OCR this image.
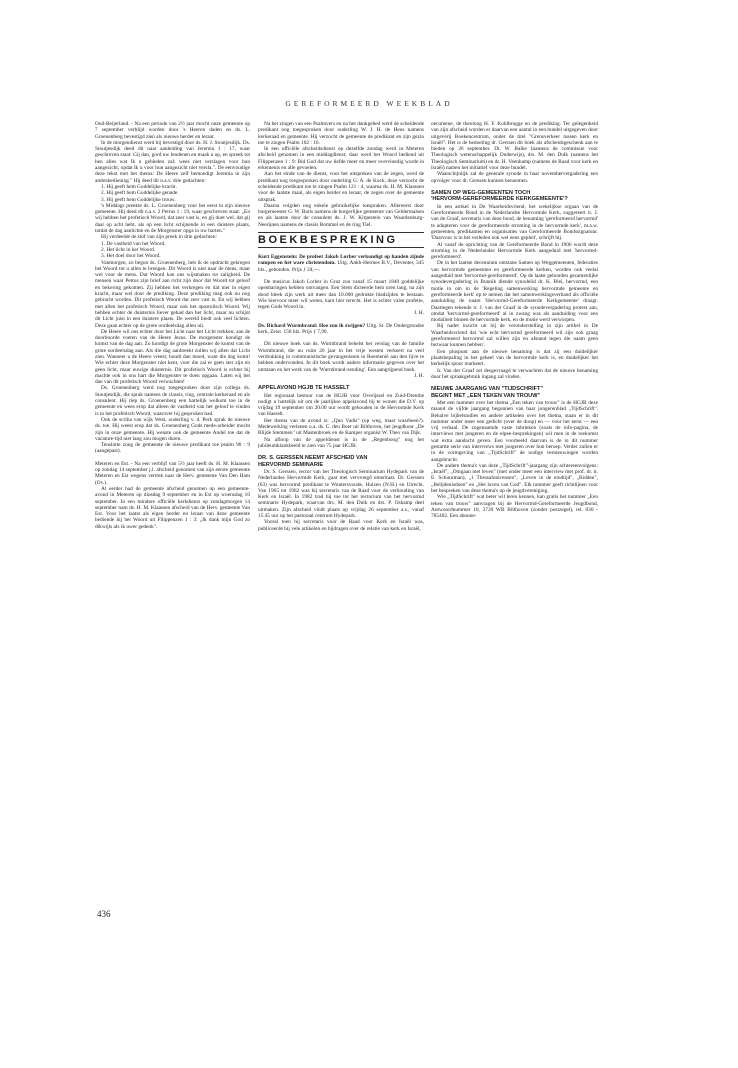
GEREFORMEERD WEEKBLAD

Oud-Beijerland. - Na een periode van 2½ jaar mocht onze gemeente op 7 september verblijd worden door 's Heeren daden en ds. L. Groenenberg bevestigd zien als nieuwe herder en leraar.

In de morgendienst werd hij bevestigd door ds. H. J. Stoutjesdijk. Ds. Stoutjesdijk deed dit naar aanleiding van Jeremia 1 : 17, waar geschreven staat: Gij dan, gord uw lendenen en maak u op, en spreek tot hen alles wat Ik u gebieden zal; wees niet verslagen voor hun aangezicht, opdat Ik u voor hun aangezicht niet versla.". De eenvoudige deze tekst met het thema: De Heere zelf bemoedigt Jeremia in zijn ambtsbediening." Hij deed dit n.a.v. drie gedachten:

1. Hij geeft hem Goddelijke kracht.
2. Hij geeft hem Goddelijke genade.
3. Hij geeft hem Goddelijke trouw.

's Middags preekte ds. L. Groenenberg voor het eerst in zijn nieuwe gemeente. Hij deed dit n.a.v. 2 Petrus 1 : 19, waar geschreven staat: „En wij hebben het profetisch Woord, dat zeer vast is, en gij doet wel, dat gij daar op acht hebt, als op een licht schijnende in een duistere plaats, totdat de dag aanlichte en de Morgenster opga in uw harten."

Hij verdeelde de stof van zijn preek in drie gedachten:

1. De vastheid van het Woord.
2. Het licht in het Woord.
3. Het doel door het Woord.

Vanmorgen, zo begon ds. Groenenberg, heb ik de opdracht gekregen het Woord tot u allen te brengen. Dit Woord is niet naar de mens, maar wel voor de mens. Dat Woord kan ons wijsmaken tot zaligheid. De mensen waar Petrus zijn brief aan richt zijn door dat Woord tot geloof en bekering gekomen. Zij hebben het verkregen en dat niet in eigen kracht, maar wel door de prediking. Deze prediking mag ook nu nog gebracht worden. Dit profetisch Woord dat zeer vast is. En wij hebben met allen het profetisch Woord, maar ook het apostolisch Woord. Wij hebben echter de duisternis liever gehad dan het licht, maar nu schijnt dit Licht juist in een duistere plaats. De wereld biedt ook veel lichten. Deze gaan echter op de grote oordeelsdag allen uit.

De Heere wil ons echter door het Licht naar het Licht trekken; aan de doorboorde voeten van de Heere Jezus. De morgenster kondigt de komst van de dag aan. Zo kondigt de grote Morgenster de komst van de grote oordeelsdag aan. Als die dag aanbreekt zullen wij allen dat Licht zien. Wanneer u de Heere vreest, houdt dan moed, want die dag komt! Wie echter deze Morgenster niet kent, voor die zal er geen ster zijn en geen licht, maar euwige duisternis. Dit profetisch Woord is echter bij machte ook in ons hart die Morgenster te doen opgaan. Laten wij het dan van dit profetisch Woord verwachten!

Ds. Groenenberg werd nog toegesproken door zijn collega ds. Stoutjesdijk, die sprak namens de classis, ring, centrale kerkeraad en als consulent. Hij riep ds. Groenenberg een hartelijk welkom toe in de gemeente en wees erop dat alleen de vastheid van het geloof te vinden is in het profetisch Woord, waarover hij gesproken had.

Ook de scriba van wijk West, ouderling v. d. Perk sprak de nieuwe ds. toe. Hij weest erop dat ds. Groenenberg Gods mede-arbeider mocht zijn in onze gemeente. Hij wenste ook de gemeente Andel toe dat de vacature-tijd niet lang zou mogen duren.

Tenslotte zong de gemeente de nieuwe predikant toe psalm 90 : 9 (aangepast).

Meteren en Est. - Na een verblijf van 5½ jaar heeft ds. H. M. Klaassen op zondag 14 september j.l. afscheid genomen van zijn eerste gemeente Meteren en Est wegens vertrek naar de Herv. gemeente Van Den Ham (Ov.).

Al eerder had de gemeente afscheid genomen op een gemeente-avond in Meteren op dinsdag 9 september en in Est op woensdag 10 september. In een mindere officiële kerkdienst op zondagmorgen 14 september nam ds. H. M. Klaassen afscheid van de Herv. gemeente Van Est. Voor het laatst als eigen herder en leraar van deze gemeente bediende hij het Woord uit Filippenzen 1 : 3: „Ik dank mijn God zo dikwijls als ik uwer gedenk".

Na het zingen van een Psalmvers en na het dankgebed werd de scheidende predikant nog toegesproken door ouderling W. J. H. de Heus namens kerkeraad en gemeente. Hij verzocht de gemeente de predikant en zijn gezin toe te zingen Psalm 102 : 16.

In een officiële afscheidsdienst op dezelfde zondag werd in Meteren afscheid genomen in een middagdienst; daar werd het Woord bediend uit Filippenzen 1 : 9: Bid God dat uw liefde meer en meer overvloedig worde in erkentenis en alle gevoelen.

Aan het einde van de dienst, voor het uitspreken van de zegen, werd de predikant nog toegesproken door ouderling G. A. de Kock, deze verzocht de scheidende predikant toe te zingen Psalm 121 : 4, waarna ds. H. M. Klaassen voor de laatste maal, als eigen herder en leraar, de zegen over de gemeente uitsprak.

Daarna volgden nog enkele gebruikelijke toespraken. Allereerst door burgemeester G. W. Baris namens de burgerlijke gemeente van Geldermalsen en als laatste door de consulent ds. J. W. Kirpestein van Waardenburg-Neerijnen namens de classis Bommel en de ring Tiel.

BOEKBESPREKING

Kurt Eggenstein: De profeet Jakob Lorber verkondigt op handen zijnde rampen en het ware christendom. Uitg. Ankh-Hermes B.V., Deventer, 345 blz., gebonden. Prijs ƒ 24,—.

De musicus Jakob Lorber in Graz zou vanaf 15 maart 1840 goddelijke openbaringen hebben ontvangen. Een Stem dicteerde hem uren lang, na zijn dood bleek zijn werk uit meer dan 10.000 gedrukte bladzijden te bestaan. Wie hiervoor meer wil weten, kant hier terecht. Het is echter valse profetie, tegen Gods Woord in.

J. H.

Ds. Richard Wurmbrand: Hoe zou ik zwijgen? Uitg. St. De Ondergrondse kerk, Zeist. 158 blz. Prijs ƒ 7,90.

Dit nieuwe boek van ds. Wurmbrand behelst het verslag van de familie Wurmbrand, die nu ruim 20 jaar in het vrije westen verkeert na veel verdrukking in communistische gevangenissen in Roemenië aan den lijve te hebben ondervonden. In dit boek wordt nadere informatie gegeven over het ontstaan en het werk van de 'Wurmbrand-zending'. Een aangrijpend boek.

J. H.

APPELAVOND HGJB TE HASSELT

Het regionaal bestuur van de HGJB voor Overijssel en Zuid-Drenthe nodigt u hartelijk uit om de jaarlijkse appelavond bij te wonen die D.V. op vrijdag 19 september om 20.00 uur wordt gehouden in de Hervormde Kerk van Hasselt.

Het thema van de avond is: „Quo Vadis" (op weg, maar waarheen?). Medewerking verlenen o.a. ds. C. den Boer uit Bilthoven, het jeugdkoor „De Blijde Stemmen" uit Mastenbroek en de Kamper organist W. Theo van Dijk.

Na afloop van de appeldienst is in de „Regenboog" nog het jubileumklankbeeld te zien van 75 jaar HGJB.

DR. S. GERSSEN NEEMT AFSCHEID VAN
HERVORMD SEMINARIE

Dr. S. Gerssen, rector van het Theologisch Seminarium Hydepark van de Nederlandse Hervormde Kerk, gaat met vervroegd emeritaat. Dr. Gerssen (63) was hervormd predikant te Woutersvoude, Huizen (N.H.) en Utrecht. Van 1965 tot 1982 was hij secretaris van de Raad voor de verhouding van Kerk en Israël. In 1982 trad hij toe tot het rectorium van het hervormd seminarie Hydepark, waarvan drs. M. den Dulk en drs. P. Oskamp deel uitmaken. Zijn afscheid vindt plaats op vrijdag 26 september a.s., vanaf 15.45 uur op het pastoraal centrum Hydepark.

Vooral toen hij secretaris voor de Raad voor Kerk en Israël was, publiceerde hij vele artikelen en bijdragen over de relatie van kerk en Israël,

oecumene, de theoloog H. F. Kohlbrugge en de prediking. Ter gelegenheid van zijn afscheid worden er daarvan een aantal in een bundel uitgegeven door uitgeverij Boekencentrum, onder de titel "Grensverkeer tussen kerk en Israël". Het is de bedoeling dr. Gerssen dit boek als afscheidsgeschenk aan te bieden op 26 september. Dr. W. Balke (namens de commissie voor Theologisch wetenschappelijk Onderwijs), drs. M. den Dulk (namens het Theologisch Seminarium) en dr. H. Veenhamp (namens de Raad voor kerk en Israël) namen het initiatief voor deze bundel.

Waarschijnlijk zal de generale synode in haar novembervergadering een opvolger voor dr. Gerssen kunnen benoemen.

SAMEN OP WEG-GEMEENTEN TOCH
'HERVORM-GEREFORMEERDE KERKGEMEENTE'?

In een artikel in De Waarheidsvriend, het wekelijkse orgaan van de Gereformeerde Bond in de Nederlandse Hervormde Kerk, suggereert ir. J. van de Graaf, secretaris van deze bond, de benaming 'gereformeerd hervormd' te adopteren voor de gereformeerde stroming in de hervormde kerk', m.a.w. gemeenten, predikanten en organisaties van Gereformeerde Bondssignatuur. 'Daarvoor is in het verleden ook wel eens gepleit', schrijft hij.

Al vanaf de oprichting van de Gereformeerde Bond in 1906 wordt deze stroming in de Nederlandse Hervormde Kerk aangeduid met 'hervormd-gereformeerd'.

De in het laatste decennium ontstane Samen op Weggemeenten, federaties van hervormde gemeenten en gereformeerde kerken, worden ook veelal aangeduid met 'hervormd-gereformeerd'. Op de laatst gehouden gezamenlijke synodevergadering in Bunnik diende synodelid dr. K. Blei, hervormd, een motie in om in de 'Regeling samenwerking hervormde gemeente en gereformeerde kerk' op te nemen dat het samenwerkingsverband als officiële aanduiding de naam 'Hervormd-Gereformeerde Kerkgemeente' draagt. Daartegen tekende ir. J. van der Graaf in de synodevergadering protest aan, omdat 'hervormd-gereformeerd' al in zwang was als aanduiding voor een modaliteit binnen de hervormde kerk, en de motie werd verworpen.

Bij nader inzicht uit hij de veronderstelling in zijn artikel in De Waarheidsvriend dat 'wie echt hervormd gereformeerd wil zijn ook graag gereformeerd hervormd zal willen zijn en afstand tegen die naam geen bezwaar kunnen hebben'.

Een pluspunt aan de nieuwe benaming is dat zij een duidelijker plaatsbepaling in het geheel van de hervormde kerk is, en duidelijker het kerkelijk spoor markeert.

Ir. Van der Graaf zei desgevraagd te verwachten dat de nieuwe benaming door het spraakgebruik ingang zal vinden.

NIEUWE JAARGANG VAN "TIJDSCHRIFT"
BEGINT MET „EEN TEKEN VAN TROUW"

Met een nummer over het thema „Een teken van trouw" is de HGJB deze maand de vijfde jaargang begonnen van haar jongerenblad „TijdSchrift". Behalve bijbelstudies en andere artikelen over het thema, staan er in dit nummer onder meer een gedicht (over de doop) en — voor het eerst — een vrij verhaal. De zogenaamde vaste rubrieken (zoals de info-pagina, de interviews met jongeren en de elpee-besprekingen) wil men in de toekomst wat extra aandacht geven. Een voorbeeld daarvan is de in dit nummer gestartte serie van interviews met jongeren over hun beroep. Verder zullen er in de vormgeving van „TijdSchrift" de nodige vernieuwingen worden aangebracht.

De andere thema's van deze „TijdSchrift"-jaargang zijn achtereenvolgens: „Israël", „Omgaan met leven" (met onder meer een interview met prof. dr. ir. E. Schuurman), „1 Thessalonicensen", „Leven in de eindtijd", „Bidden", „Belijdenisdoen" en „Het loven van God". Elk nummer geeft richtlijnen voor het bespreken van deze thema's op de jeugdvereniging.

Wie „TijdSchrift" wat beter wil leren kennen, kan gratis het nummer „Een teken van trouw" aanvragen bij de Hervormd-Gereformeerde Jeugdbond, Antwoordnummer 10, 3720 WB Bilthoven (zonder postzegel), tel. 030 - 785402. Een abonne-

436
